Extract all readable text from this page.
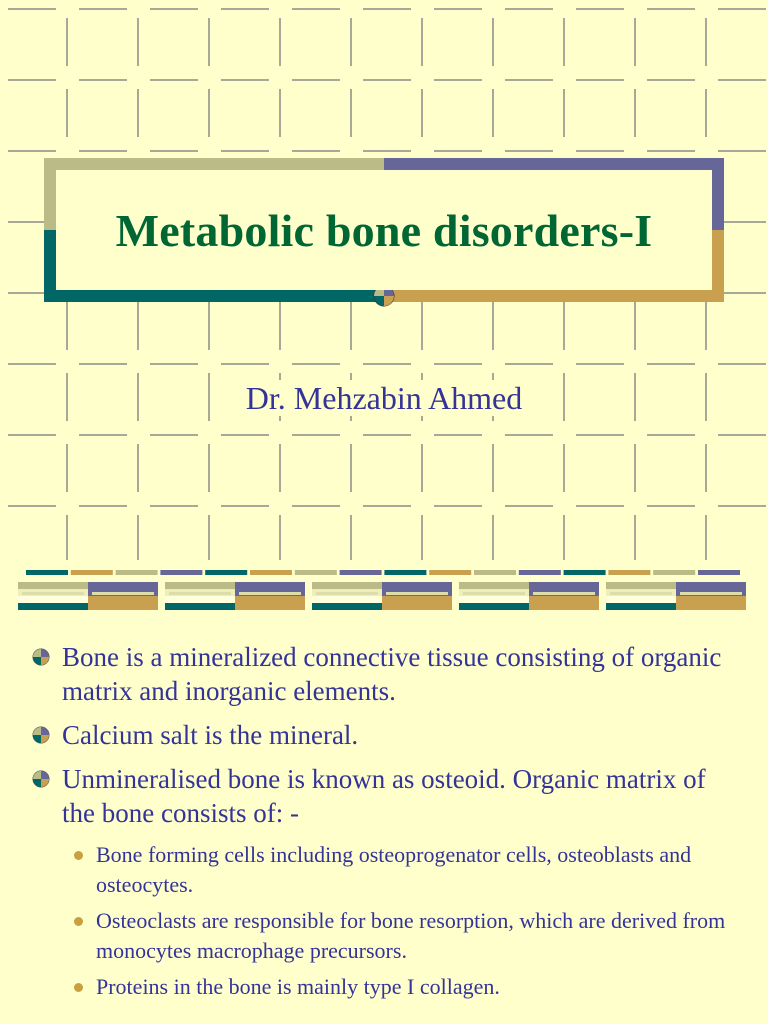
Metabolic bone disorders-I
Dr. Mehzabin Ahmed
Bone is a mineralized connective tissue consisting of organic matrix and inorganic elements.
Calcium salt is the mineral.
Unmineralised bone is known as osteoid. Organic matrix of the bone consists of: -
Bone forming cells including osteoprogenator cells, osteoblasts and osteocytes.
Osteoclasts are responsible for bone resorption, which are derived from monocytes macrophage precursors.
Proteins in the bone is mainly type I collagen.
